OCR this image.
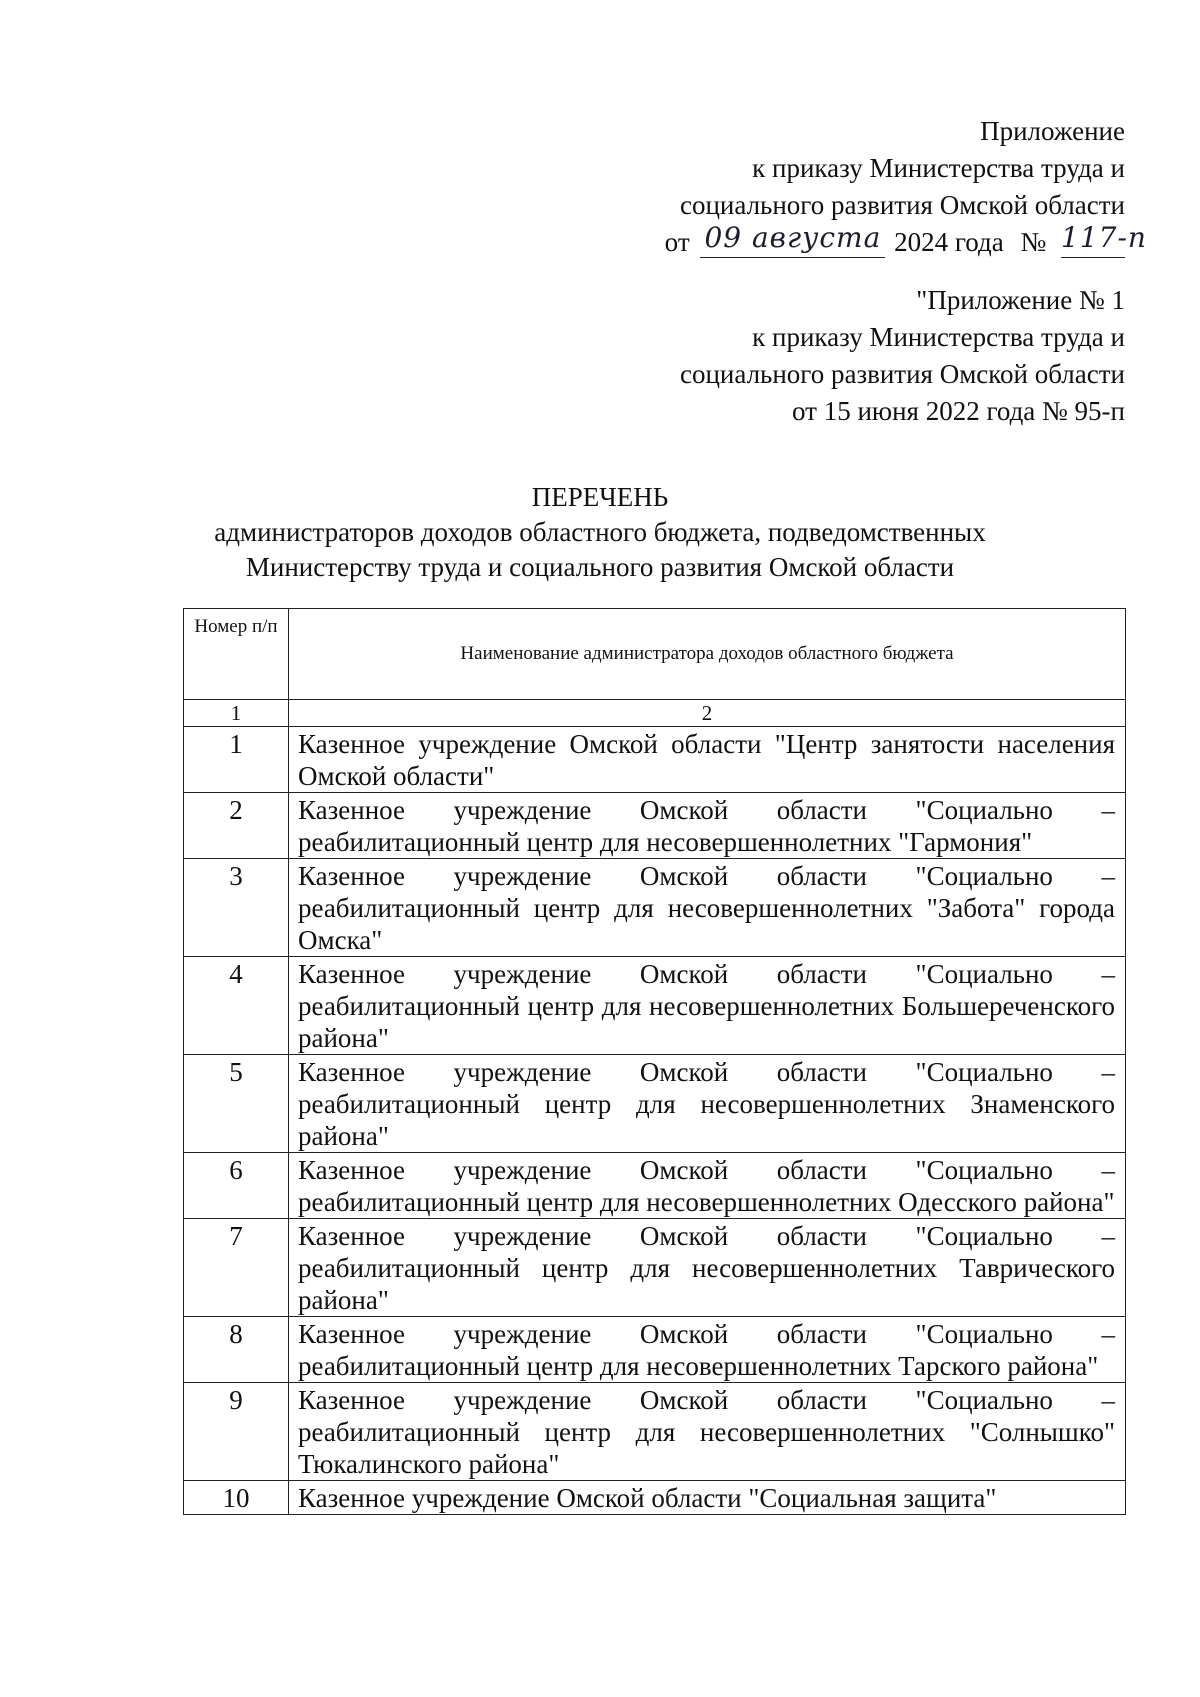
Приложение
к приказу Министерства труда и
социального развития Омской области
от 09 августа 2024 года № 117-п
"Приложение № 1
к приказу Министерства труда и
социального развития Омской области
от 15 июня 2022 года № 95-п
ПЕРЕЧЕНЬ
администраторов доходов областного бюджета, подведомственных
Министерству труда и социального развития Омской области
Номер п/п	Наименование администратора доходов областного бюджета
1	2
1	Казенное учреждение Омской области "Центр занятости населения Омской области"
2	Казенное учреждение Омской области "Социально – реабилитационный центр для несовершеннолетних "Гармония"
3	Казенное учреждение Омской области "Социально – реабилитационный центр для несовершеннолетних "Забота" города Омска"
4	Казенное учреждение Омской области "Социально – реабилитационный центр для несовершеннолетних Большереченского района"
5	Казенное учреждение Омской области "Социально – реабилитационный центр для несовершеннолетних Знаменского района"
6	Казенное учреждение Омской области "Социально – реабилитационный центр для несовершеннолетних Одесского района"
7	Казенное учреждение Омской области "Социально – реабилитационный центр для несовершеннолетних Таврического района"
8	Казенное учреждение Омской области "Социально – реабилитационный центр для несовершеннолетних Тарского района"
9	Казенное учреждение Омской области "Социально – реабилитационный центр для несовершеннолетних "Солнышко" Тюкалинского района"
10	Казенное учреждение Омской области "Социальная защита"
